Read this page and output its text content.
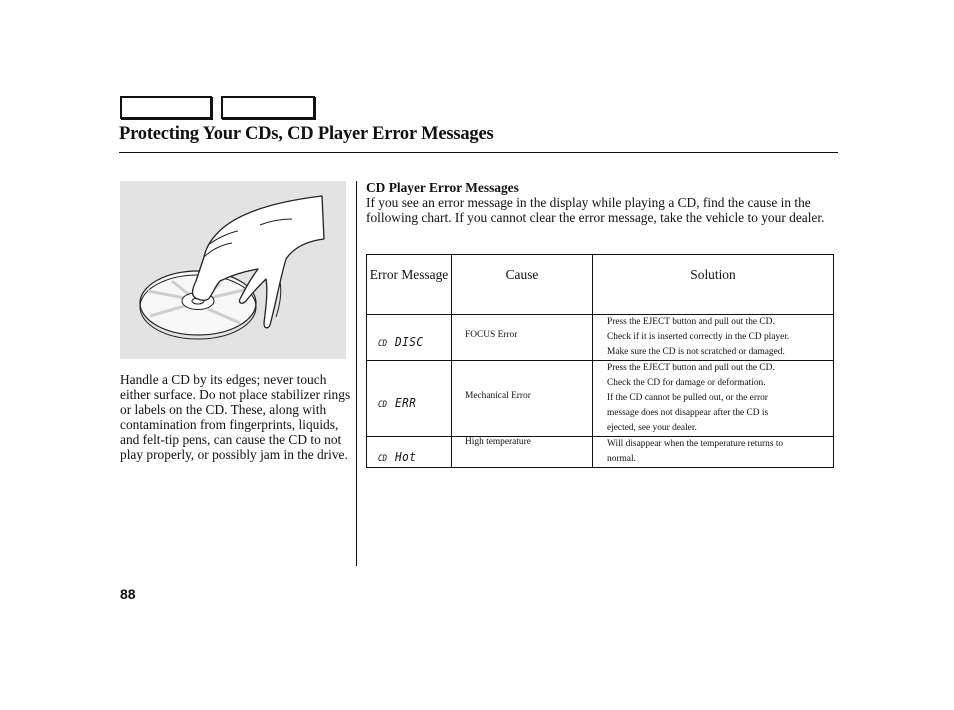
Protecting Your CDs, CD Player Error Messages
Handle a CD by its edges; never touch either surface. Do not place stabilizer rings or labels on the CD. These, along with contamination from fingerprints, liquids, and felt-tip pens, can cause the CD to not play properly, or possibly jam in the drive.
CD Player Error Messages
If you see an error message in the display while playing a CD, find the cause in the following chart. If you cannot clear the error message, take the vehicle to your dealer.
Error Message	Cause	Solution
CD DISC	FOCUS Error	Press the EJECT button and pull out the CD.
Check if it is inserted correctly in the CD player.
Make sure the CD is not scratched or damaged.

CD ERR	Mechanical Error	Press the EJECT button and pull out the CD.
Check the CD for damage or deformation.
If the CD cannot be pulled out, or the error
message does not disappear after the CD is
ejected, see your dealer.

CD Hot	High temperature	Will disappear when the temperature returns to
normal.
88
